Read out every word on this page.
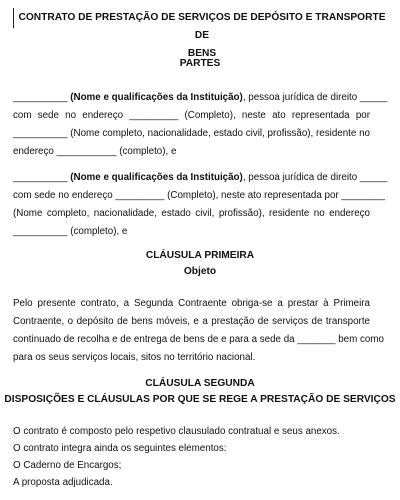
CONTRATO DE PRESTAÇÃO DE SERVIÇOS DE DEPÓSITO E TRANSPORTE DE
BENS
PARTES
__________ (Nome e qualificações da Instituição), pessoa jurídica de direito _____
com sede no endereço _________ (Completo), neste ato representada por
__________ (Nome completo, nacionalidade, estado civil, profissão), residente no
endereço ___________ (completo), e
__________ (Nome e qualificações da Instituição), pessoa jurídica de direito _____
com sede no endereço _________ (Completo), neste ato representada por ________
(Nome completo, nacionalidade, estado civil, profissão), residente no endereço
__________ (completo), e
CLÁUSULA PRIMEIRA
Objeto
Pelo presente contrato, a Segunda Contraente obriga-se a prestar à Primeira
Contraente, o depósito de bens móveis, e a prestação de serviços de transporte
continuado de recolha e de entrega de bens de e para a sede da _______ bem como
para os seus serviços locais, sitos no território nacional.
CLÁUSULA SEGUNDA
DISPOSIÇÕES E CLÁUSULAS POR QUE SE REGE A PRESTAÇÃO DE SERVIÇOS
O contrato é composto pelo respetivo clausulado contratual e seus anexos.
O contrato integra ainda os seguintes elementos:
O Caderno de Encargos;
A proposta adjudicada.
